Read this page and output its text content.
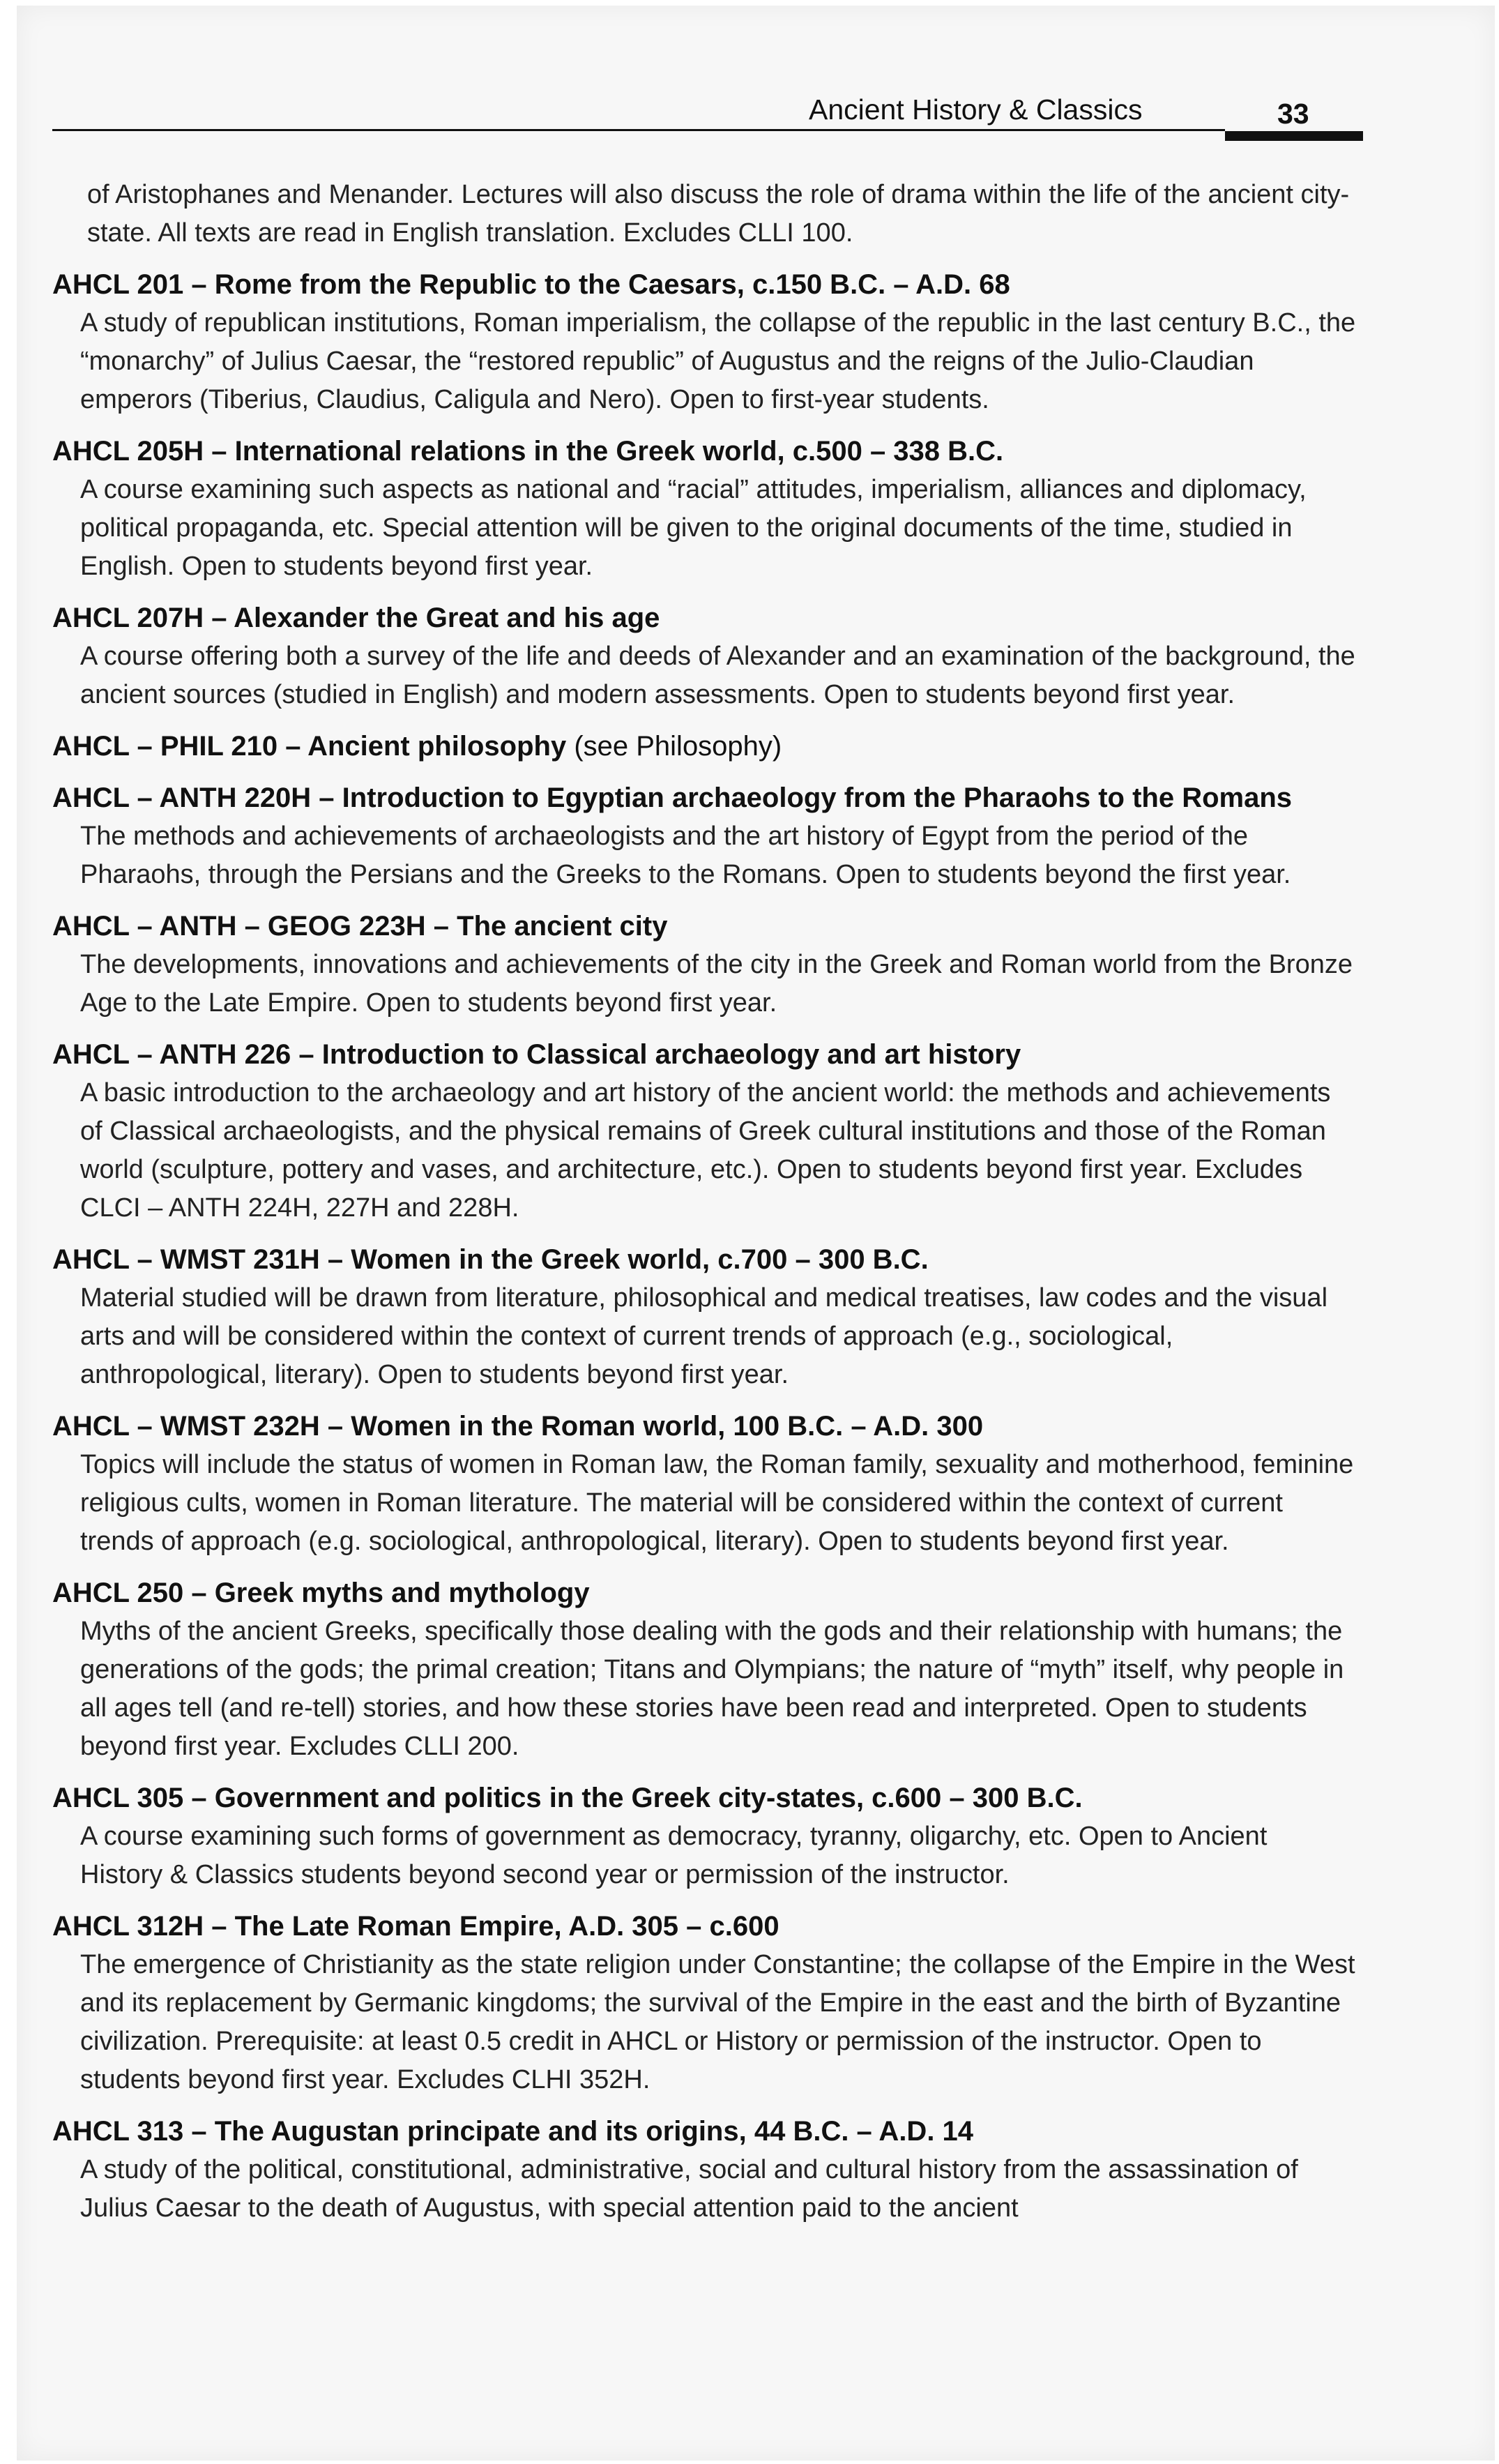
Ancient History & Classics	33

of Aristophanes and Menander. Lectures will also discuss the role of drama within the life of the ancient city-state. All texts are read in English translation. Excludes CLLI 100.

AHCL 201 – Rome from the Republic to the Caesars, c.150 B.C. – A.D. 68

A study of republican institutions, Roman imperialism, the collapse of the republic in the last century B.C., the “monarchy” of Julius Caesar, the “restored republic” of Augustus and the reigns of the Julio-Claudian emperors (Tiberius, Claudius, Caligula and Nero). Open to first-year students.

AHCL 205H – International relations in the Greek world, c.500 – 338 B.C.

A course examining such aspects as national and “racial” attitudes, imperialism, alliances and diplomacy, political propaganda, etc. Special attention will be given to the original documents of the time, studied in English. Open to students beyond first year.

AHCL 207H – Alexander the Great and his age

A course offering both a survey of the life and deeds of Alexander and an examination of the background, the ancient sources (studied in English) and modern assessments. Open to students beyond first year.

AHCL – PHIL 210 – Ancient philosophy (see Philosophy)
AHCL – ANTH 220H – Introduction to Egyptian archaeology from the Pharaohs to the Romans

The methods and achievements of archaeologists and the art history of Egypt from the period of the Pharaohs, through the Persians and the Greeks to the Romans. Open to students beyond the first year.

AHCL – ANTH – GEOG 223H – The ancient city

The developments, innovations and achievements of the city in the Greek and Roman world from the Bronze Age to the Late Empire. Open to students beyond first year.

AHCL – ANTH 226 – Introduction to Classical archaeology and art history

A basic introduction to the archaeology and art history of the ancient world: the methods and achievements of Classical archaeologists, and the physical remains of Greek cultural institutions and those of the Roman world (sculpture, pottery and vases, and architecture, etc.). Open to students beyond first year. Excludes CLCI – ANTH 224H, 227H and 228H.

AHCL – WMST 231H – Women in the Greek world, c.700 – 300 B.C.

Material studied will be drawn from literature, philosophical and medical treatises, law codes and the visual arts and will be considered within the context of current trends of approach (e.g., sociological, anthropological, literary). Open to students beyond first year.

AHCL – WMST 232H – Women in the Roman world, 100 B.C. – A.D. 300

Topics will include the status of women in Roman law, the Roman family, sexuality and motherhood, feminine religious cults, women in Roman literature. The material will be considered within the context of current trends of approach (e.g. sociological, anthropological, literary). Open to students beyond first year.

AHCL 250 – Greek myths and mythology

Myths of the ancient Greeks, specifically those dealing with the gods and their relationship with humans; the generations of the gods; the primal creation; Titans and Olympians; the nature of “myth” itself, why people in all ages tell (and re-tell) stories, and how these stories have been read and interpreted. Open to students beyond first year. Excludes CLLI 200.

AHCL 305 – Government and politics in the Greek city-states, c.600 – 300 B.C.

A course examining such forms of government as democracy, tyranny, oligarchy, etc. Open to Ancient History & Classics students beyond second year or permission of the instructor.

AHCL 312H – The Late Roman Empire, A.D. 305 – c.600

The emergence of Christianity as the state religion under Constantine; the collapse of the Empire in the West and its replacement by Germanic kingdoms; the survival of the Empire in the east and the birth of Byzantine civilization. Prerequisite: at least 0.5 credit in AHCL or History or permission of the instructor. Open to students beyond first year. Excludes CLHI 352H.

AHCL 313 – The Augustan principate and its origins, 44 B.C. – A.D. 14

A study of the political, constitutional, administrative, social and cultural history from the assassination of Julius Caesar to the death of Augustus, with special attention paid to the ancient
